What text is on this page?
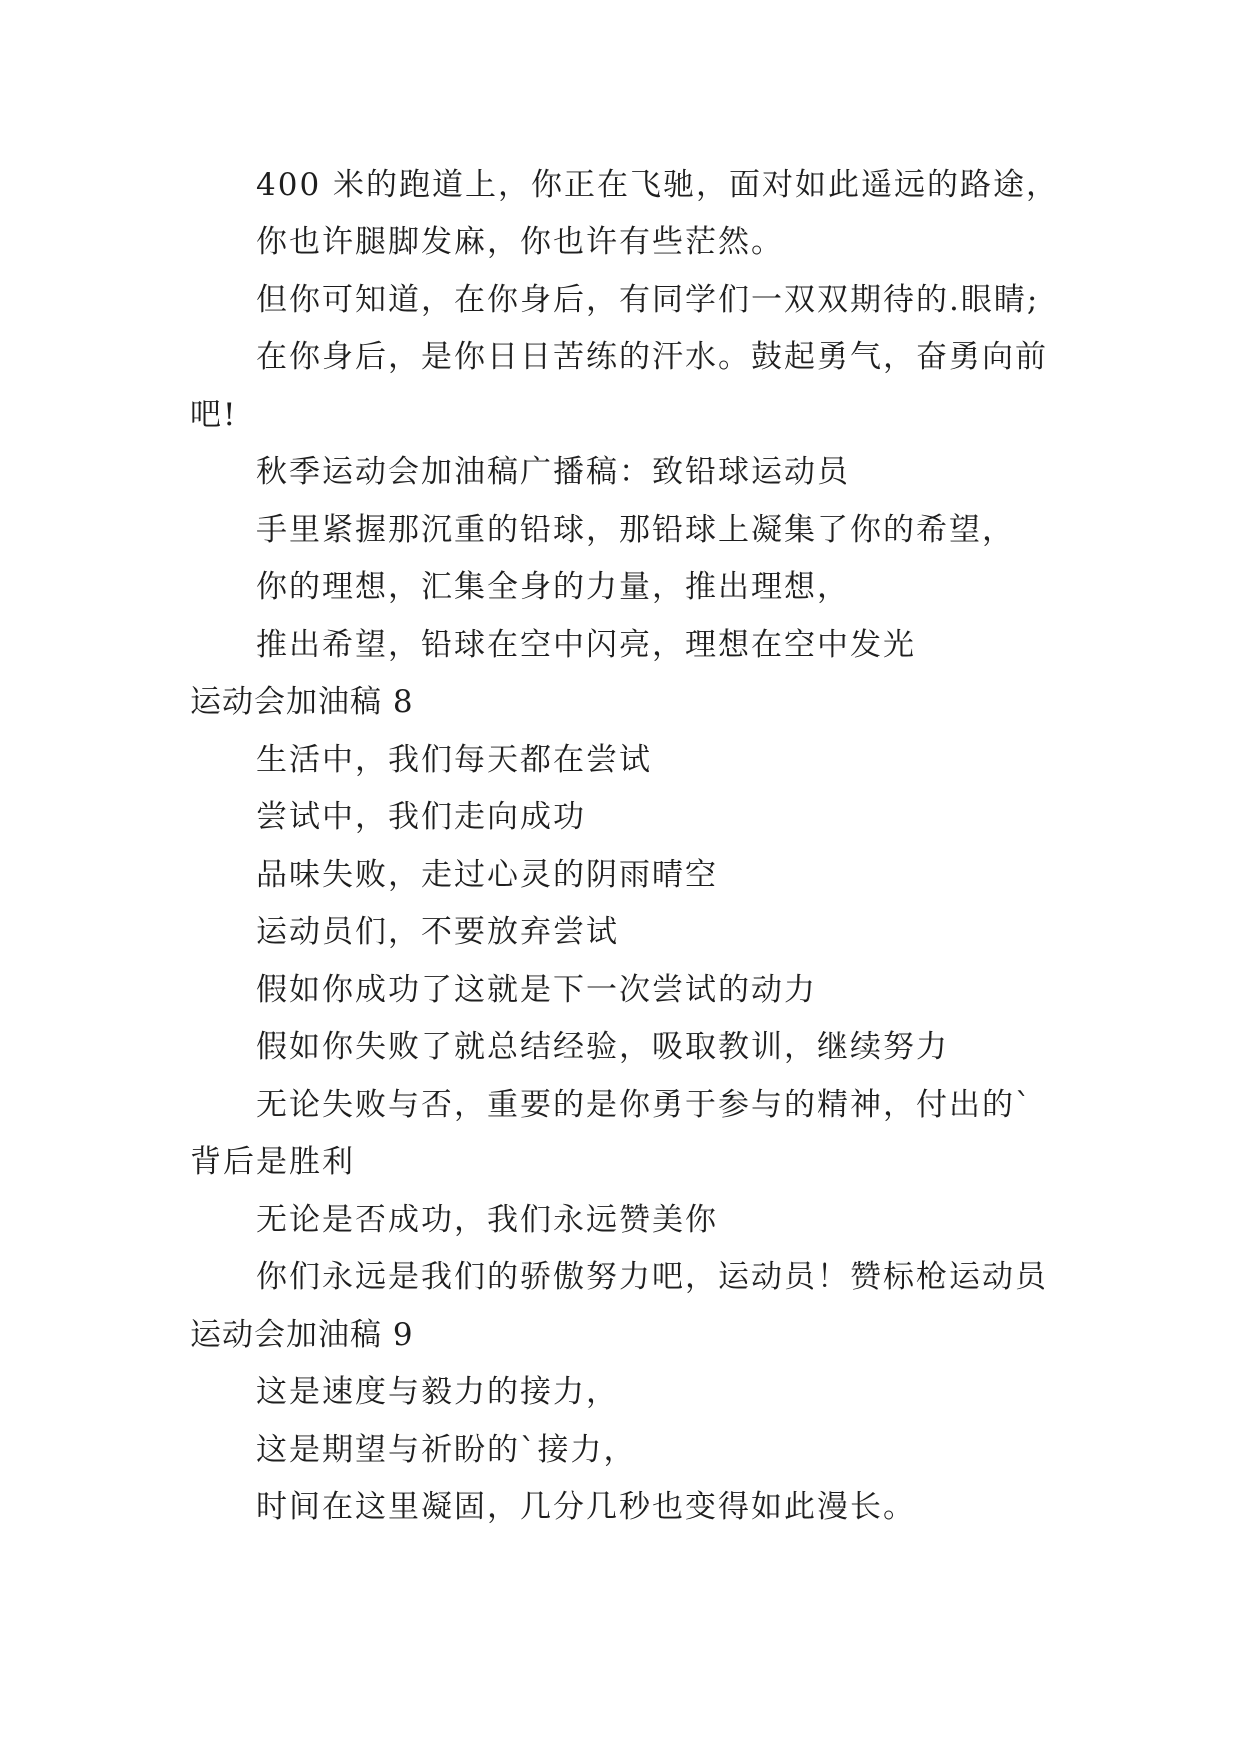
400 米的跑道上，你正在飞驰，面对如此遥远的路途，
你也许腿脚发麻，你也许有些茫然。
但你可知道，在你身后，有同学们一双双期待的.眼睛;
在你身后，是你日日苦练的汗水。鼓起勇气，奋勇向前
吧!
秋季运动会加油稿广播稿：致铅球运动员
手里紧握那沉重的铅球，那铅球上凝集了你的希望，
你的理想，汇集全身的力量，推出理想，
推出希望，铅球在空中闪亮，理想在空中发光
运动会加油稿 8
生活中，我们每天都在尝试
尝试中，我们走向成功
品味失败，走过心灵的阴雨晴空
运动员们，不要放弃尝试
假如你成功了这就是下一次尝试的动力
假如你失败了就总结经验，吸取教训，继续努力
无论失败与否，重要的是你勇于参与的精神，付出的`
背后是胜利
无论是否成功，我们永远赞美你
你们永远是我们的骄傲努力吧，运动员！赞标枪运动员
运动会加油稿 9
这是速度与毅力的接力，
这是期望与祈盼的`接力，
时间在这里凝固，几分几秒也变得如此漫长。
